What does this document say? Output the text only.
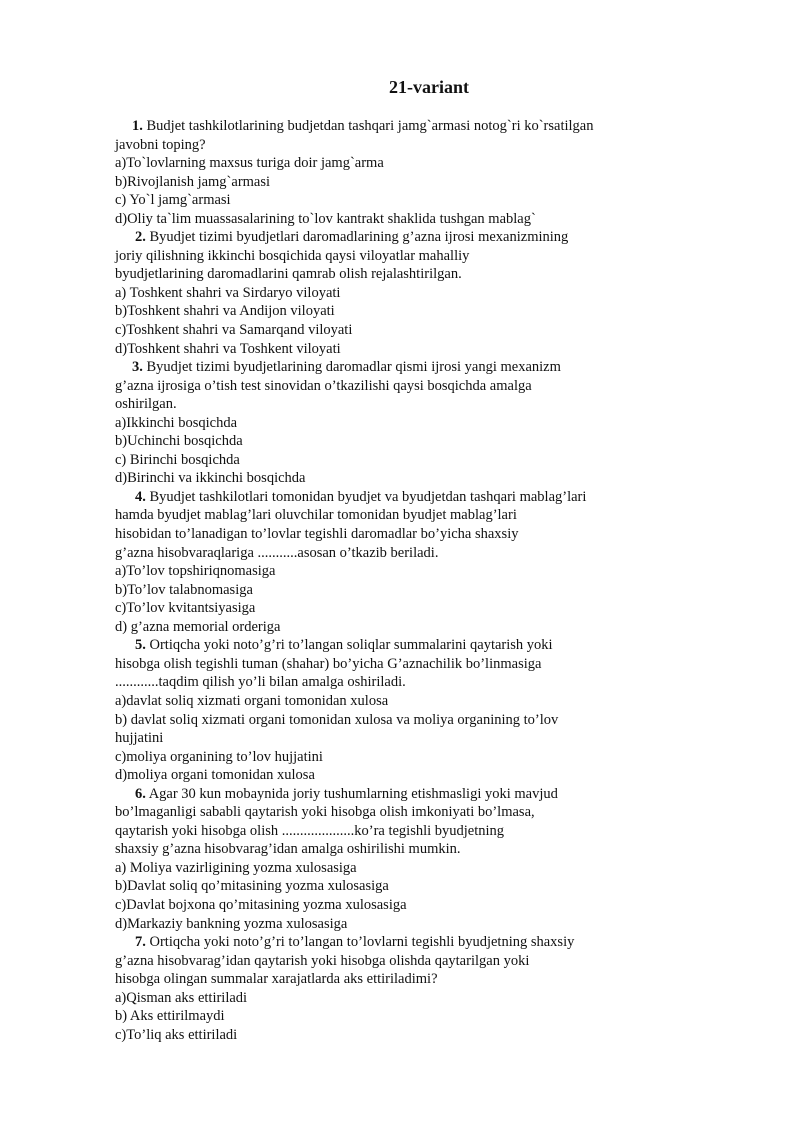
21-variant
1. Budjet tashkilotlarining budjetdan tashqari jamg`armasi notog`ri ko`rsatilgan
javobni toping?
a)To`lovlarning maxsus turiga doir jamg`arma
b)Rivojlanish jamg`armasi
c) Yo`l jamg`armasi
d)Oliy ta`lim muassasalarining to`lov kantrakt shaklida tushgan mablag`
2. Byudjet tizimi byudjetlari daromadlarining g’azna ijrosi mexanizmining
joriy qilishning ikkinchi bosqichida qaysi viloyatlar mahalliy
byudjetlarining daromadlarini qamrab olish rejalashtirilgan.
a) Toshkent shahri va Sirdaryo viloyati
b)Toshkent shahri va Andijon viloyati
c)Toshkent shahri va Samarqand viloyati
d)Toshkent shahri va Toshkent viloyati
3. Byudjet tizimi byudjetlarining daromadlar qismi ijrosi yangi mexanizm
g’azna ijrosiga o’tish test sinovidan o’tkazilishi qaysi bosqichda amalga
oshirilgan.
a)Ikkinchi bosqichda
b)Uchinchi bosqichda
c) Birinchi bosqichda
d)Birinchi va ikkinchi bosqichda
4. Byudjet tashkilotlari tomonidan byudjet va byudjetdan tashqari mablag’lari
hamda byudjet mablag’lari oluvchilar tomonidan byudjet mablag’lari
hisobidan to’lanadigan to’lovlar tegishli daromadlar bo’yicha shaxsiy
g’azna hisobvaraqlariga ...........asosan o’tkazib beriladi.
a)To’lov topshiriqnomasiga
b)To’lov talabnomasiga
c)To’lov kvitantsiyasiga
d) g’azna memorial orderiga
5. Ortiqcha yoki noto’g’ri to’langan soliqlar summalarini qaytarish yoki
hisobga olish tegishli tuman (shahar) bo’yicha G’aznachilik bo’linmasiga
............taqdim qilish yo’li bilan amalga oshiriladi.
a)davlat soliq xizmati organi tomonidan xulosa
b) davlat soliq xizmati organi tomonidan xulosa va moliya organining to’lov
hujjatini
c)moliya organining to’lov hujjatini
d)moliya organi tomonidan xulosa
6. Agar 30 kun mobaynida joriy tushumlarning etishmasligi yoki mavjud
bo’lmaganligi sababli qaytarish yoki hisobga olish imkoniyati bo’lmasa,
qaytarish yoki hisobga olish ....................ko’ra tegishli byudjetning
shaxsiy g’azna hisobvarag’idan amalga oshirilishi mumkin.
a) Moliya vazirligining yozma xulosasiga
b)Davlat soliq qo’mitasining yozma xulosasiga
c)Davlat bojxona qo’mitasining yozma xulosasiga
d)Markaziy bankning yozma xulosasiga
7. Ortiqcha yoki noto’g’ri to’langan to’lovlarni tegishli byudjetning shaxsiy
g’azna hisobvarag’idan qaytarish yoki hisobga olishda qaytarilgan yoki
hisobga olingan summalar xarajatlarda aks ettiriladimi?
a)Qisman aks ettiriladi
b) Aks ettirilmaydi
c)To’liq aks ettiriladi
